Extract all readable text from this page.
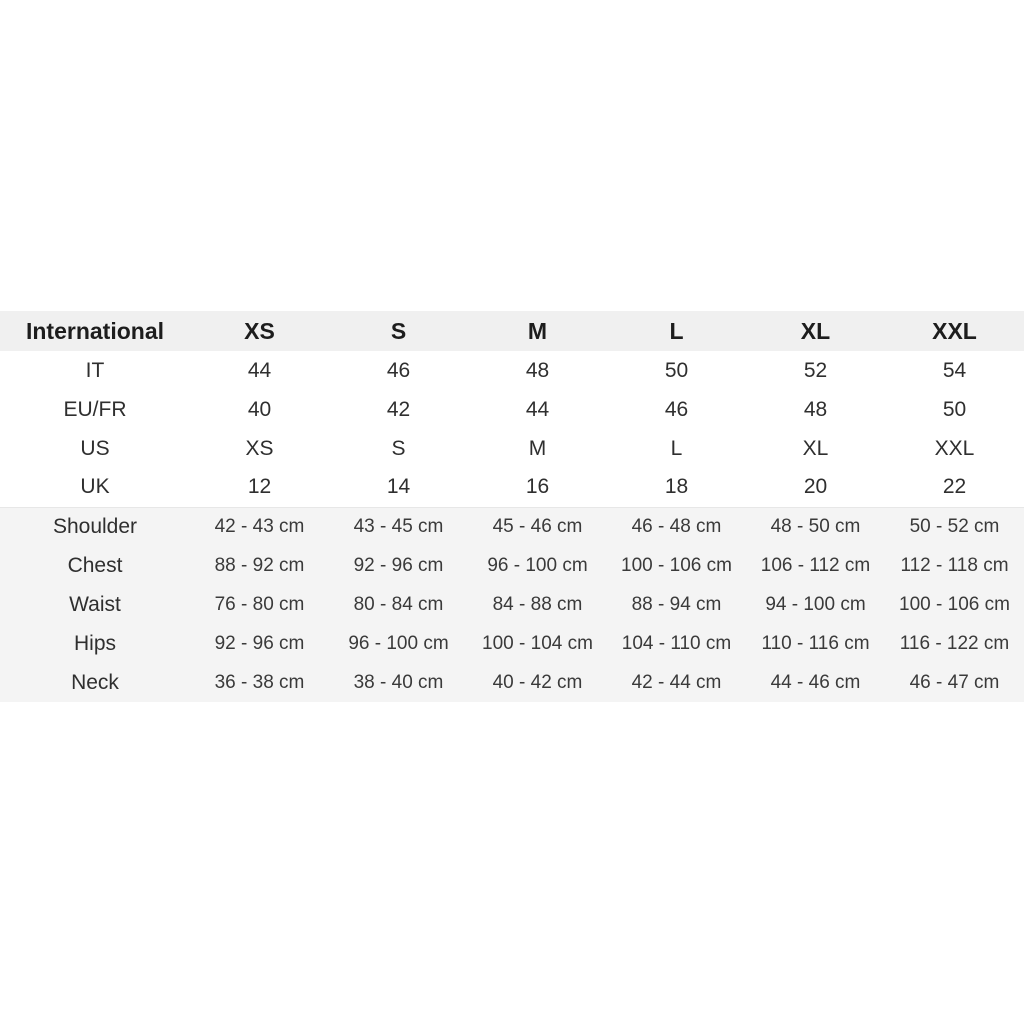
International	XS	S	M	L	XL	XXL
IT	44	46	48	50	52	54
EU/FR	40	42	44	46	48	50
US	XS	S	M	L	XL	XXL
UK	12	14	16	18	20	22
Shoulder	42 - 43 cm	43 - 45 cm	45 - 46 cm	46 - 48 cm	48 - 50 cm	50 - 52 cm
Chest	88 - 92 cm	92 - 96 cm	96 - 100 cm	100 - 106 cm	106 - 112 cm	112 - 118 cm
Waist	76 - 80 cm	80 - 84 cm	84 - 88 cm	88 - 94 cm	94 - 100 cm	100 - 106 cm
Hips	92 - 96 cm	96 - 100 cm	100 - 104 cm	104 - 110 cm	110 - 116 cm	116 - 122 cm
Neck	36 - 38 cm	38 - 40 cm	40 - 42 cm	42 - 44 cm	44 - 46 cm	46 - 47 cm
